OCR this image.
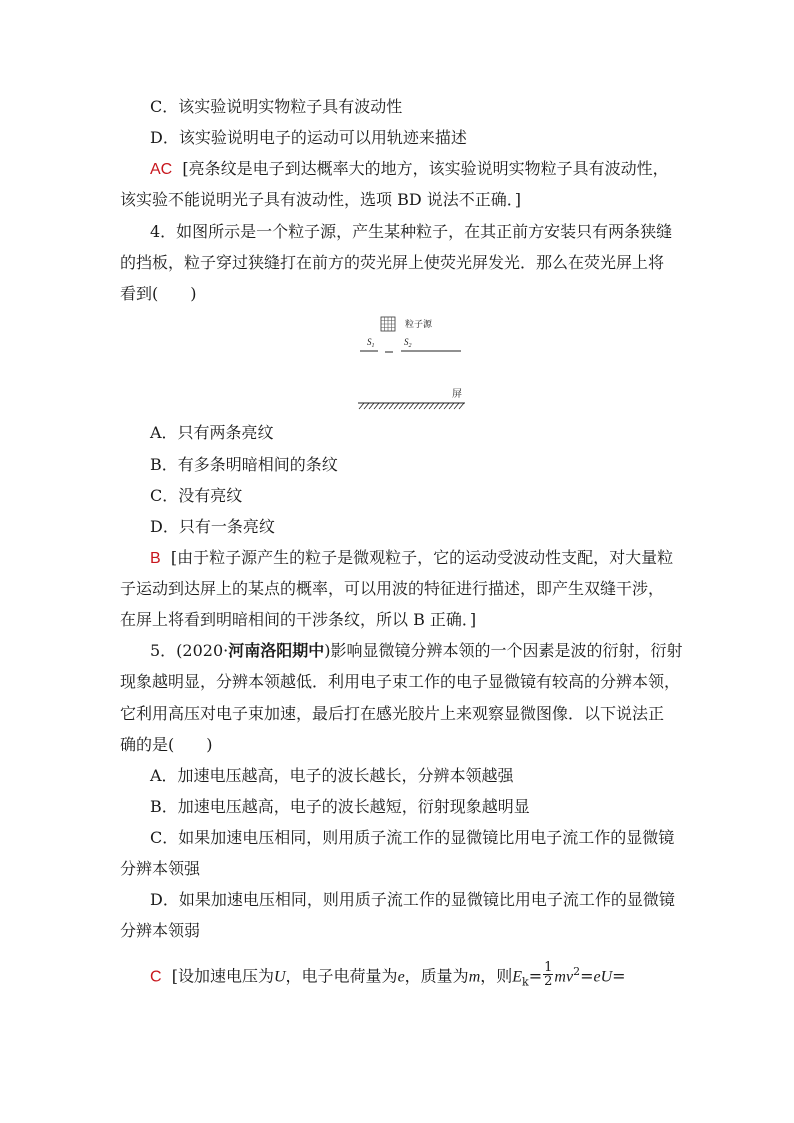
C．该实验说明实物粒子具有波动性
D．该实验说明电子的运动可以用轨迹来描述
AC [亮条纹是电子到达概率大的地方，该实验说明实物粒子具有波动性，
该实验不能说明光子具有波动性，选项 BD 说法不正确．]
4．如图所示是一个粒子源，产生某种粒子，在其正前方安装只有两条狭缝
的挡板，粒子穿过狭缝打在前方的荧光屏上使荧光屏发光．那么在荧光屏上将
看到(　　)
粒子源
$S_1$	$S_2$
屏
A．只有两条亮纹
B．有多条明暗相间的条纹
C．没有亮纹
D．只有一条亮纹
B [由于粒子源产生的粒子是微观粒子，它的运动受波动性支配，对大量粒
子运动到达屏上的某点的概率，可以用波的特征进行描述，即产生双缝干涉，
在屏上将看到明暗相间的干涉条纹，所以 B 正确．]
5．(2020·河南洛阳期中)影响显微镜分辨本领的一个因素是波的衍射，衍射
现象越明显，分辨本领越低．利用电子束工作的电子显微镜有较高的分辨本领，
它利用高压对电子束加速，最后打在感光胶片上来观察显微图像．以下说法正
确的是(　　)
A．加速电压越高，电子的波长越长，分辨本领越强
B．加速电压越高，电子的波长越短，衍射现象越明显
C．如果加速电压相同，则用质子流工作的显微镜比用电子流工作的显微镜
分辨本领强
D．如果加速电压相同，则用质子流工作的显微镜比用电子流工作的显微镜
分辨本领弱
C [设加速电压为U，电子电荷量为e，质量为m，则$E_k= \frac{1}{2} mv^2=eU=$
